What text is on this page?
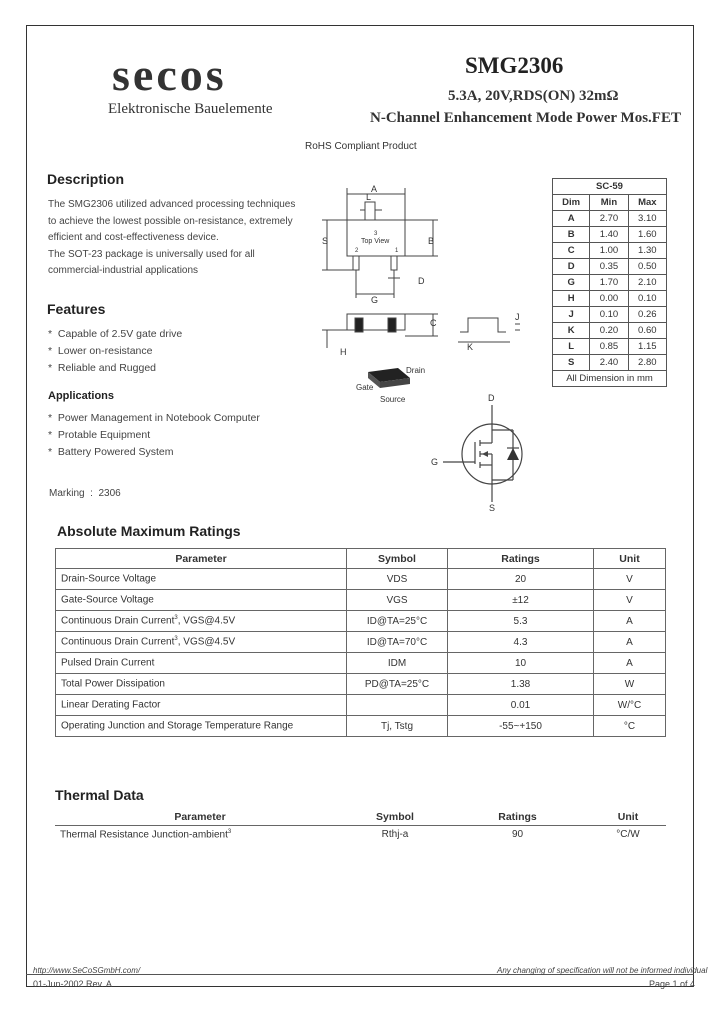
secos
Elektronische Bauelemente
SMG2306
5.3A, 20V,RDS(ON) 32mΩ
N-Channel Enhancement Mode Power Mos.FET
RoHS Compliant Product
Description
The SMG2306 utilized advanced processing techniques
to achieve the lowest possible on-resistance, extremely
efficient and cost-effectiveness device.
The SOT-23 package is universally used for all
commercial-industrial applications
Features
*  Capable of 2.5V gate drive
*  Lower on-resistance
*  Reliable and Rugged
Applications
*  Power Management in Notebook Computer
*  Protable Equipment
*  Battery Powered System
Marking  :  2306
A
L
S	B
D
G
C
H
J
K
3
Top View
2	1
Gate
Drain
Source	D
G
S
SC-59		
Dim	Min	Max
A	2.70	3.10
B	1.40	1.60
C	1.00	1.30
D	0.35	0.50
G	1.70	2.10
H	0.00	0.10
J	0.10	0.26
K	0.20	0.60
L	0.85	1.15
S	2.40	2.80
All Dimension in mm		
Absolute Maximum Ratings
Parameter	Symbol	Ratings	Unit
Drain-Source Voltage	VDS	20	V
Gate-Source Voltage	VGS	±12	V
Continuous Drain Current$^3$, VGS@4.5V	ID@TA=25°C	5.3	A
Continuous Drain Current$^3$, VGS@4.5V	ID@TA=70°C	4.3	A
Pulsed Drain Current	IDM	10	A
Total Power Dissipation	PD@TA=25°C	1.38	W
Linear Derating Factor		0.01	W/°C
Operating Junction and Storage Temperature Range	Tj, Tstg	-55~+150	°C
Thermal Data
Parameter	Symbol	Ratings	Unit
Thermal Resistance Junction-ambient$^3$	Rthj-a	90	°C/W
http://www.SeCoSGmbH.com/	Any changing of specification will not be informed individual
01-Jun-2002 Rev. A	Page 1 of 4
